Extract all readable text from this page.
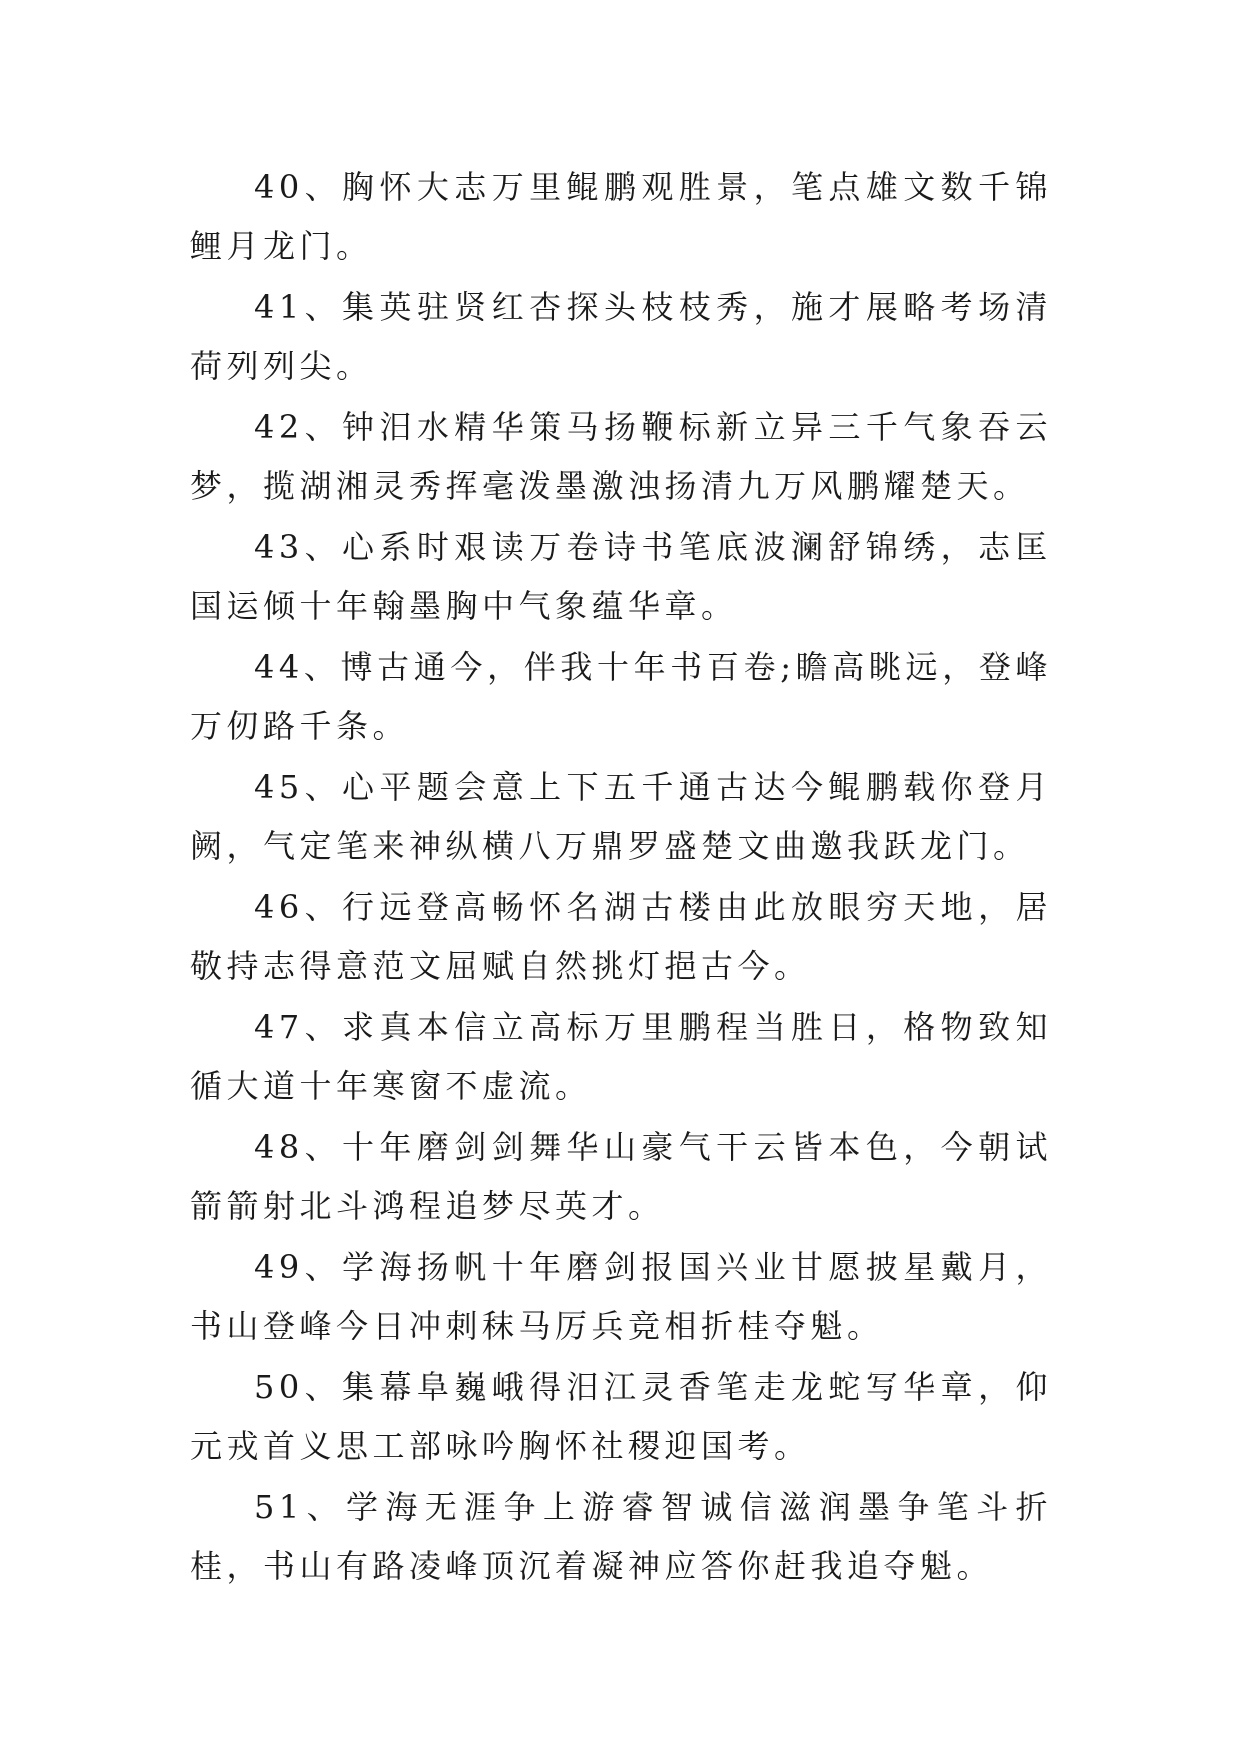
40、胸怀大志万里鲲鹏观胜景，笔点雄文数千锦鲤月龙门。

41、集英驻贤红杏探头枝枝秀，施才展略考场清荷列列尖。

42、钟汨水精华策马扬鞭标新立异三千气象吞云梦，揽湖湘灵秀挥毫泼墨激浊扬清九万风鹏耀楚天。

43、心系时艰读万卷诗书笔底波澜舒锦绣，志匡国运倾十年翰墨胸中气象蕴华章。

44、博古通今，伴我十年书百卷;瞻高眺远，登峰万仞路千条。

45、心平题会意上下五千通古达今鲲鹏载你登月阙，气定笔来神纵横八万鼎罗盛楚文曲邀我跃龙门。

46、行远登高畅怀名湖古楼由此放眼穷天地，居敬持志得意范文屈赋自然挑灯挹古今。

47、求真本信立高标万里鹏程当胜日，格物致知循大道十年寒窗不虚流。

48、十年磨剑剑舞华山豪气干云皆本色，今朝试箭箭射北斗鸿程追梦尽英才。

49、学海扬帆十年磨剑报国兴业甘愿披星戴月，书山登峰今日冲刺秣马厉兵竞相折桂夺魁。

50、集幕阜巍峨得汨江灵香笔走龙蛇写华章，仰元戎首义思工部咏吟胸怀社稷迎国考。

51、学海无涯争上游睿智诚信滋润墨争笔斗折桂，书山有路凌峰顶沉着凝神应答你赶我追夺魁。
